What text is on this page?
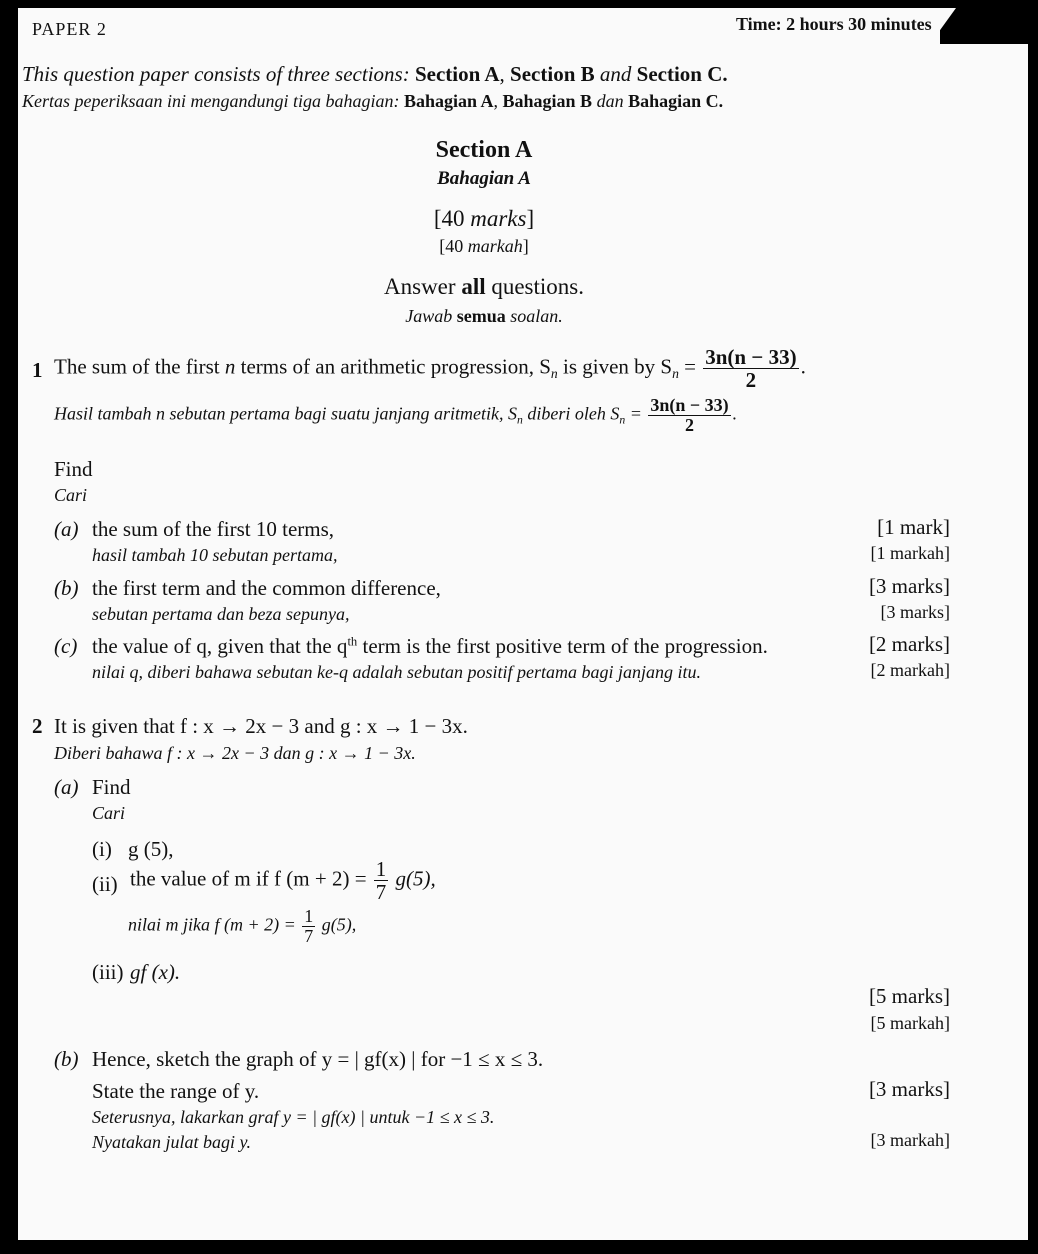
PAPER 2	Time: 2 hours 30 minutes
This question paper consists of three sections: Section A, Section B and Section C.
Kertas peperiksaan ini mengandungi tiga bahagian: Bahagian A, Bahagian B dan Bahagian C.
Section A
Bahagian A
[40 marks]
[40 markah]
Answer all questions.
Jawab semua soalan.
1 The sum of the first n terms of an arithmetic progression, $S_n$ is given by $S_n = \frac{3n(n - 33)}{2}$ .
Hasil tambah n sebutan pertama bagi suatu janjang aritmetik, $S_n$ diberi oleh $S_n = \frac{3n(n - 33)}{2}$ .
Find
Cari
(a) the sum of the first 10 terms,	[1 mark]
hasil tambah 10 sebutan pertama,	[1 markah]
(b) the first term and the common difference,	[3 marks]
sebutan pertama dan beza sepunya,	[3 marks]
(c) the value of q, given that the $q^{th}$ term is the first positive term of the progression.	[2 marks]
nilai q, diberi bahawa sebutan ke-q adalah sebutan positif pertama bagi janjang itu.	[2 markah]
2 It is given that f : x → 2x − 3 and g : x → 1 − 3x.
Diberi bahawa f : x → 2x − 3 dan g : x → 1 − 3x.
(a) Find
Cari
(i) g (5),
(ii) the value of m if f $(m + 2) = \frac{1}{7} g(5)$,
nilai m jika f $(m + 2) = \frac{1}{7} g(5)$,
(iii) gf (x).
[5 marks]
[5 markah]
(b) Hence, sketch the graph of y = | gf(x) | for −1 ≤ x ≤ 3.
State the range of y.	[3 marks]
Seterusnya, lakarkan graf y = | gf(x) | untuk −1 ≤ x ≤ 3.
Nyatakan julat bagi y.	[3 markah]
